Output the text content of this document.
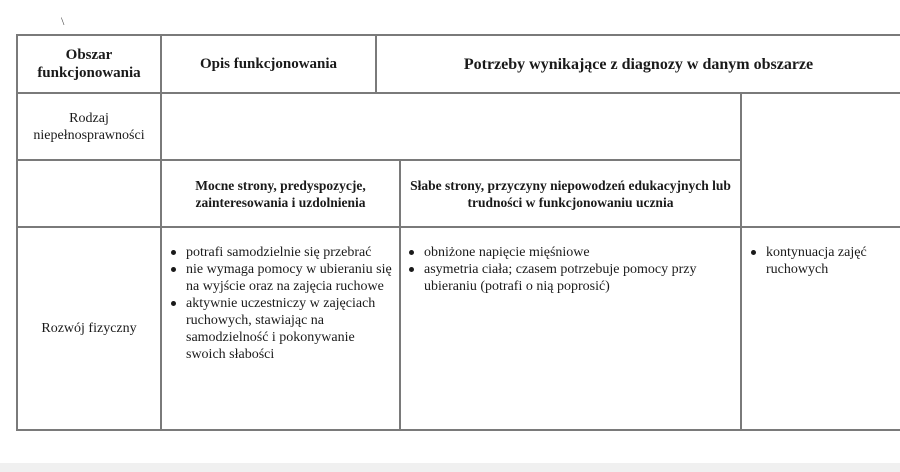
\
Obszar funkcjonowania
Opis funkcjonowania	Potrzeby wynikające z diagnozy w danym obszarze
Rodzaj niepełnosprawności
Mocne strony, predyspozycje, zainteresowania i uzdolnienia
Słabe strony, przyczyny niepowodzeń edukacyjnych lub trudności w funkcjonowaniu ucznia
Rozwój fizyczny
potrafi samodzielnie się przebrać
nie wymaga pomocy w ubieraniu się na wyjście oraz na zajęcia ruchowe
aktywnie uczestniczy w zajęciach ruchowych, stawiając na samodzielność i pokonywanie swoich słabości
obniżone napięcie mięśniowe
asymetria ciała; czasem potrzebuje pomocy przy ubieraniu (potrafi o nią poprosić)
kontynuacja zajęć ruchowych
